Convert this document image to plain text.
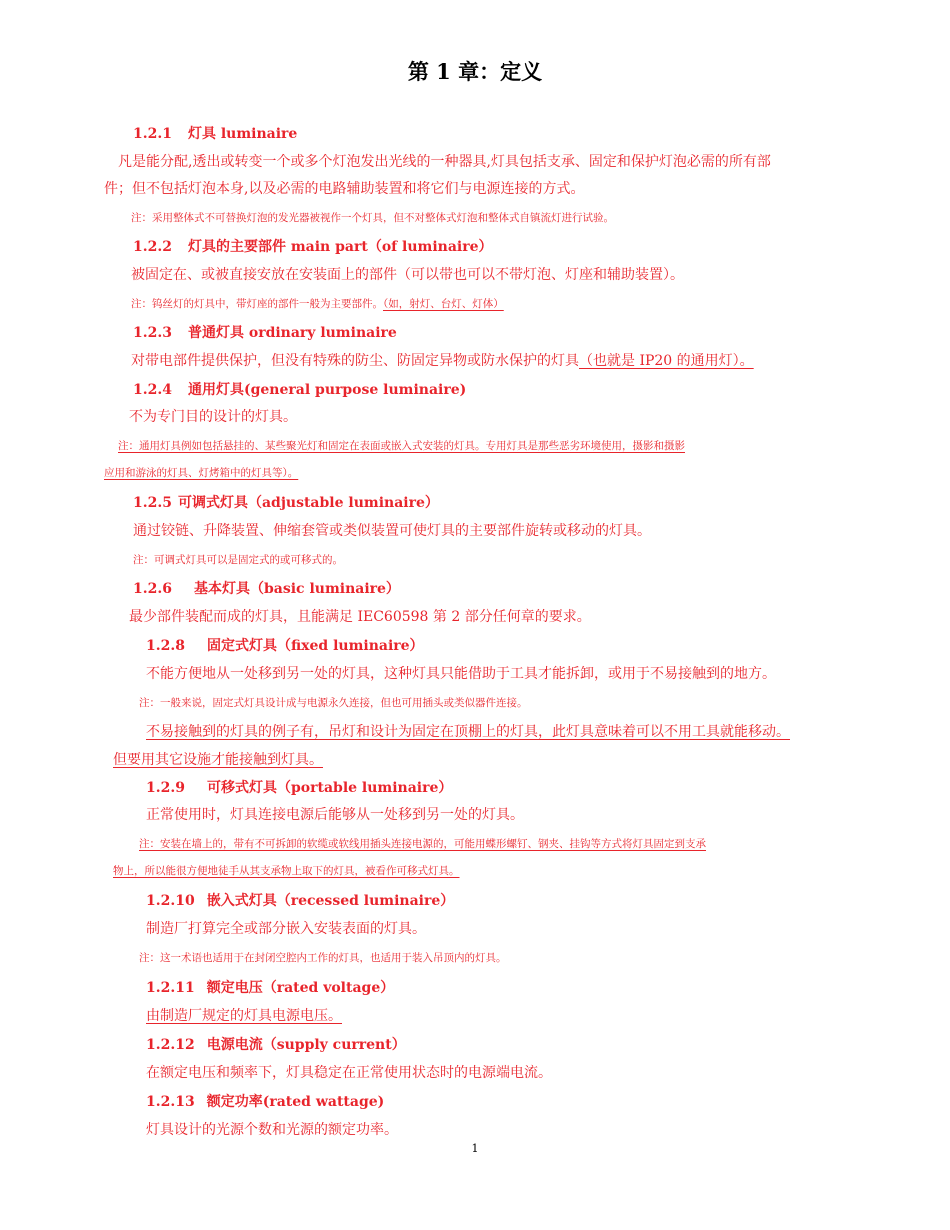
第 1 章：定义
1.2.1 灯具 luminaire
凡是能分配,透出或转变一个或多个灯泡发出光线的一种器具,灯具包括支承、固定和保护灯泡必需的所有部
件；但不包括灯泡本身,以及必需的电路辅助装置和将它们与电源连接的方式。
注：采用整体式不可替换灯泡的发光器被视作一个灯具，但不对整体式灯泡和整体式自镇流灯进行试验。
1.2.2 灯具的主要部件 main part（of luminaire）
被固定在、或被直接安放在安装面上的部件（可以带也可以不带灯泡、灯座和辅助装置）。
注：钨丝灯的灯具中，带灯座的部件一般为主要部件。（如，射灯、台灯、灯体）
1.2.3 普通灯具 ordinary luminaire
对带电部件提供保护，但没有特殊的防尘、防固定异物或防水保护的灯具（也就是 IP20 的通用灯）。
1.2.4 通用灯具(general purpose luminaire)
不为专门目的设计的灯具。
注：通用灯具例如包括悬挂的、某些聚光灯和固定在表面或嵌入式安装的灯具。专用灯具是那些恶劣环境使用，摄影和摄影
应用和游泳的灯具、灯烤箱中的灯具等）。
1.2.5 可调式灯具（adjustable luminaire）
通过铰链、升降装置、伸缩套管或类似装置可使灯具的主要部件旋转或移动的灯具。
注：可调式灯具可以是固定式的或可移式的。
1.2.6 基本灯具（basic luminaire）
最少部件装配而成的灯具，且能满足 IEC60598 第 2 部分任何章的要求。
1.2.8 固定式灯具（fixed luminaire）
不能方便地从一处移到另一处的灯具，这种灯具只能借助于工具才能拆卸，或用于不易接触到的地方。
注：一般来说，固定式灯具设计成与电源永久连接，但也可用插头或类似器件连接。
不易接触到的灯具的例子有，吊灯和设计为固定在顶棚上的灯具，此灯具意味着可以不用工具就能移动。
但要用其它设施才能接触到灯具。
1.2.9 可移式灯具（portable luminaire）
正常使用时，灯具连接电源后能够从一处移到另一处的灯具。
注：安装在墙上的，带有不可拆卸的软缆或软线用插头连接电源的，可能用蝶形螺钉、钢夹、挂钩等方式将灯具固定到支承
物上，所以能很方便地徒手从其支承物上取下的灯具，被看作可移式灯具。
1.2.10 嵌入式灯具（recessed luminaire）
制造厂打算完全或部分嵌入安装表面的灯具。
注：这一术语也适用于在封闭空腔内工作的灯具，也适用于装入吊顶内的灯具。
1.2.11 额定电压（rated voltage）
由制造厂规定的灯具电源电压。
1.2.12 电源电流（supply current）
在额定电压和频率下，灯具稳定在正常使用状态时的电源端电流。
1.2.13 额定功率(rated wattage)
灯具设计的光源个数和光源的额定功率。
1
